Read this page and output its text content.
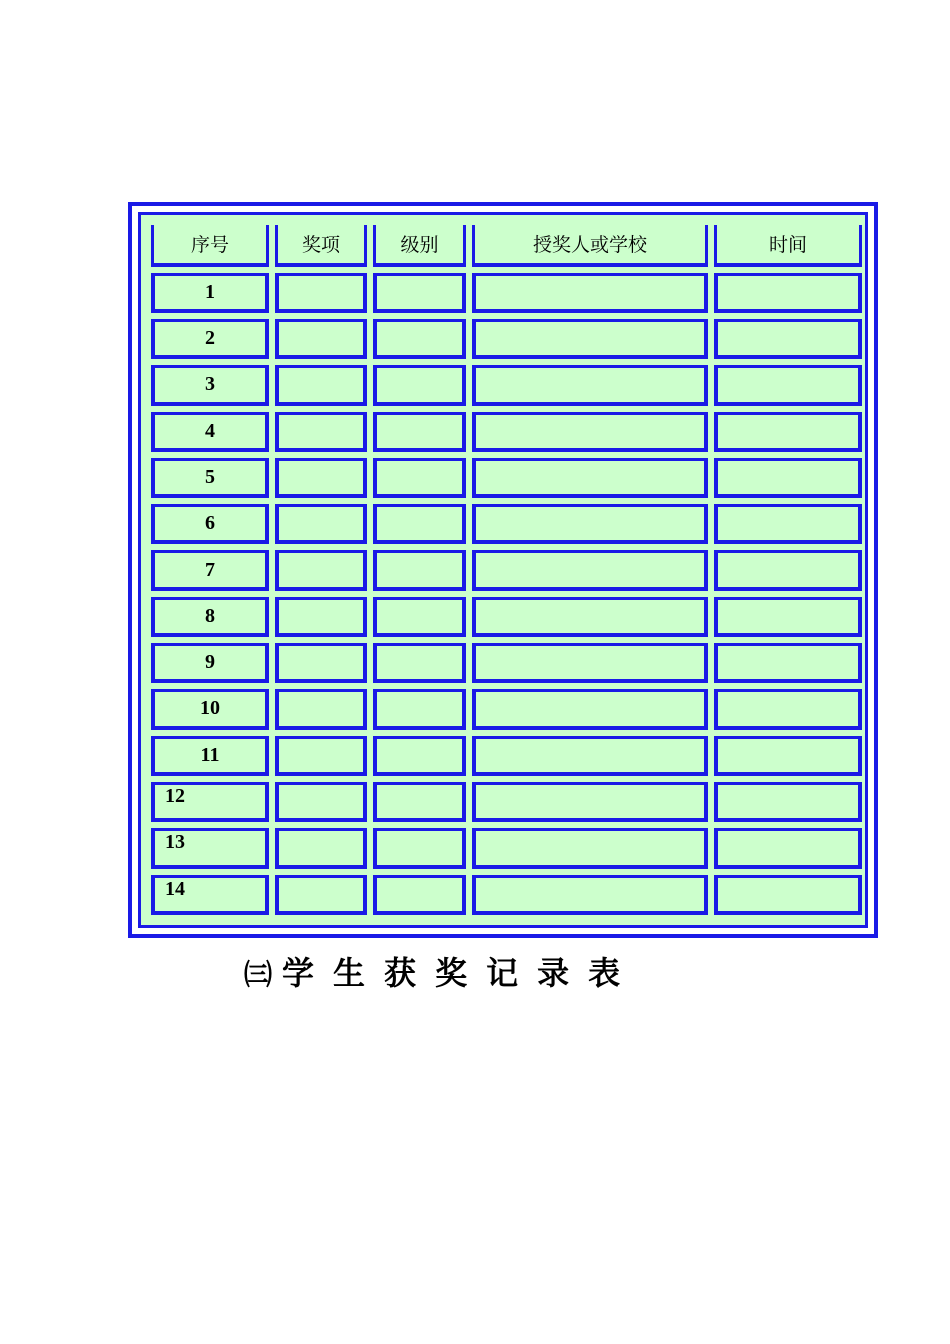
序号	奖项	级别	授奖人或学校	时间
1				
2				
3				
4				
5				
6				
7				
8				
9				
10				
11				
12				
13				
14				
㈢ 学 生 获 奖 记 录 表
